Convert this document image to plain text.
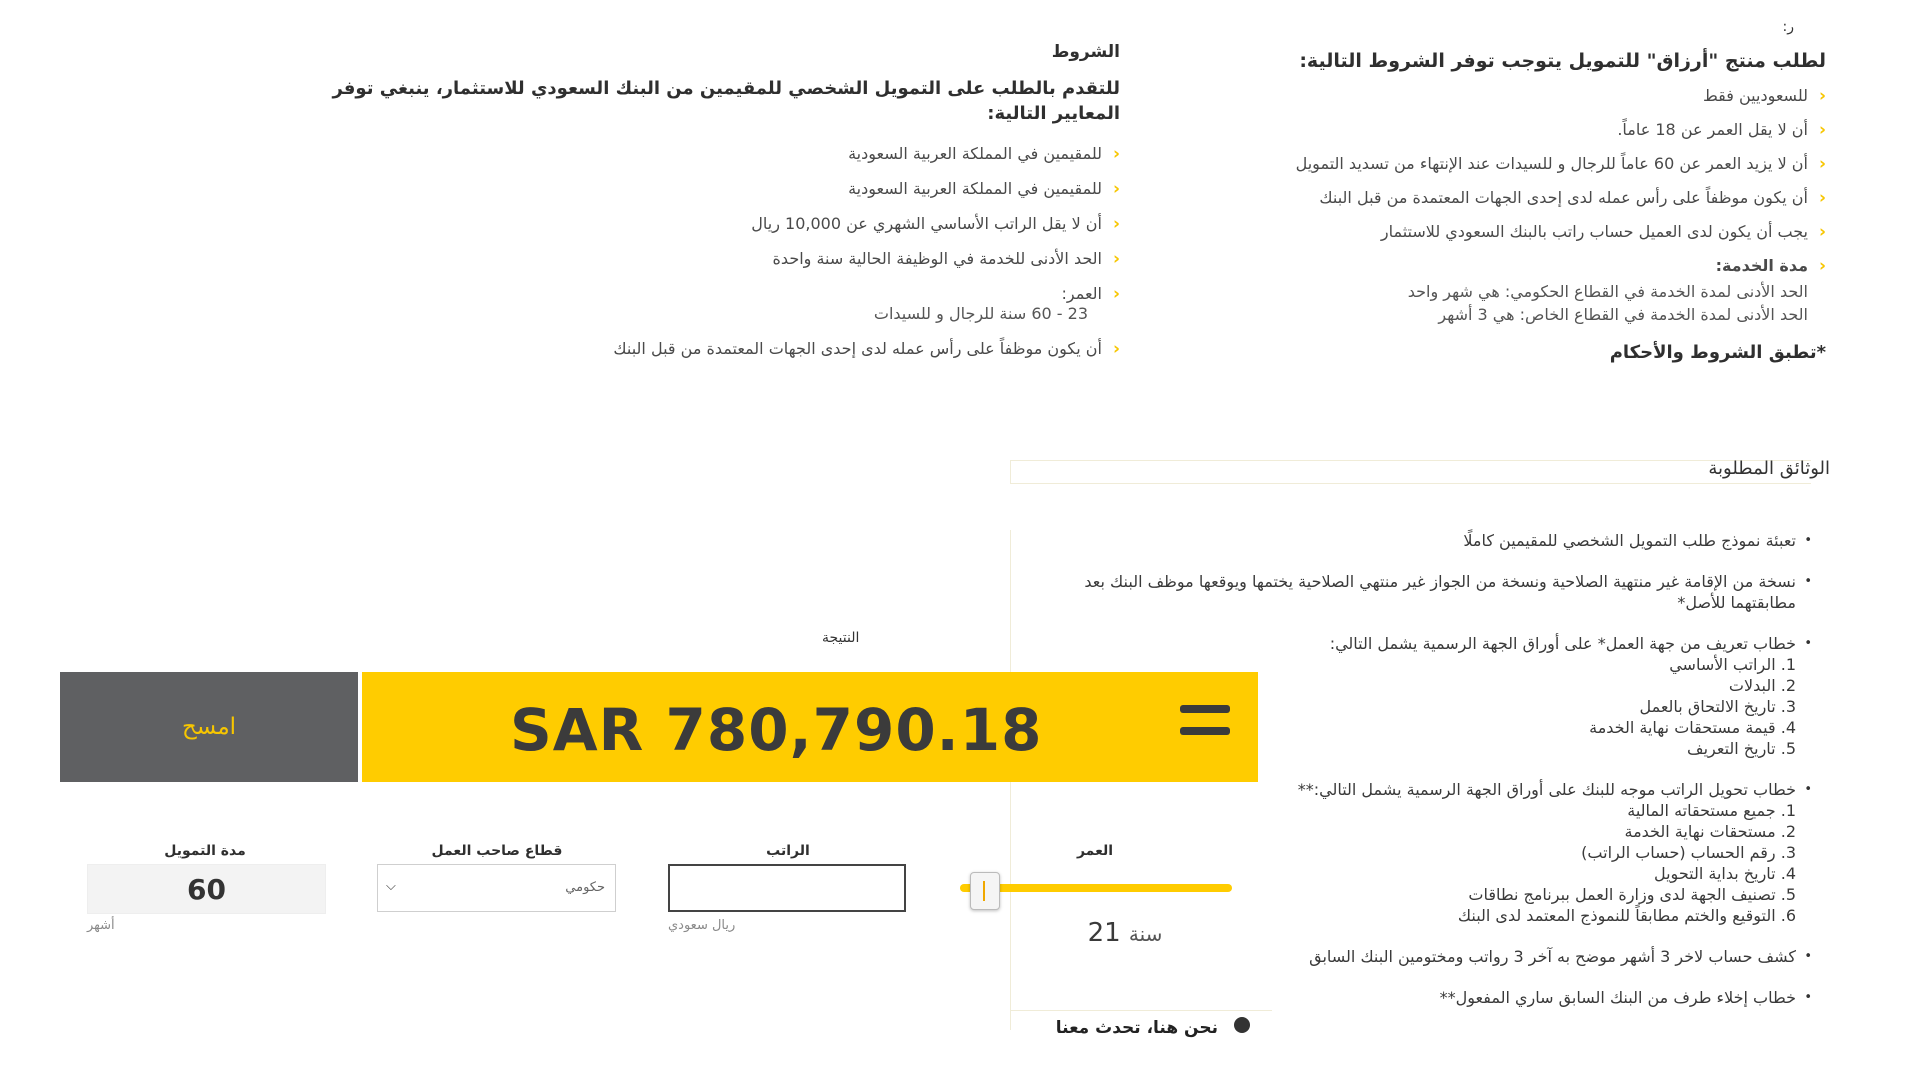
ر:
لطلب منتج "أرزاق" للتمويل يتوجب توفر الشروط التالية:
‹
للسعوديين فقط
‹
أن لا يقل العمر عن 18 عاماً.
‹
أن لا يزيد العمر عن 60 عاماً للرجال و للسيدات عند الإنتهاء من تسديد التمويل
‹
أن يكون موظفاً على رأس عمله لدى إحدى الجهات المعتمدة من قبل البنك
‹
يجب أن يكون لدى العميل حساب راتب بالبنك السعودي للاستثمار
‹
مدة الخدمة:
الحد الأدنى لمدة الخدمة في القطاع الحكومي: هي شهر واحد
الحد الأدنى لمدة الخدمة في القطاع الخاص: هي 3 أشهر
*تطبق الشروط والأحكام
الشروط
للتقدم بالطلب على التمويل الشخصي للمقيمين من البنك السعودي للاستثمار، ينبغي توفر المعايير التالية:
‹
للمقيمين في المملكة العربية السعودية
‹
للمقيمين في المملكة العربية السعودية
‹
أن لا يقل الراتب الأساسي الشهري عن 10,000 ريال
‹
الحد الأدنى للخدمة في الوظيفة الحالية سنة واحدة
‹
العمر:
23 - 60 سنة للرجال و للسيدات
‹
أن يكون موظفاً على رأس عمله لدى إحدى الجهات المعتمدة من قبل البنك
الوثائق المطلوبة
•
تعبئة نموذج طلب التمويل الشخصي للمقيمين كاملًا
•
نسخة من الإقامة غير منتهية الصلاحية ونسخة من الجواز غير منتهي الصلاحية يختمها ويوقعها موظف البنك بعد مطابقتهما للأصل*
•
خطاب تعريف من جهة العمل* على أوراق الجهة الرسمية يشمل التالي:
1. الراتب الأساسي
2. البدلات
3. تاريخ الالتحاق بالعمل
4. قيمة مستحقات نهاية الخدمة
5. تاريخ التعريف
•
خطاب تحويل الراتب موجه للبنك على أوراق الجهة الرسمية يشمل التالي:**
1. جميع مستحقاته المالية
2. مستحقات نهاية الخدمة
3. رقم الحساب (حساب الراتب)
4. تاريخ بداية التحويل
5. تصنيف الجهة لدى وزارة العمل ببرنامج نطاقات
6. التوقيع والختم مطابقاً للنموذج المعتمد لدى البنك
•
كشف حساب لاخر 3 أشهر موضح به آخر 3 رواتب ومختومين البنك السابق
•
خطاب إخلاء طرف من البنك السابق ساري المفعول**
النتيجة
امسح	SAR 780,790.18
مدة التمويل
60
أشهر
قطاع صاحب العمل
حكومي
⌵
الراتب
ريال سعودي
العمر
سنة 21
نحن هنا، تحدث معنا
